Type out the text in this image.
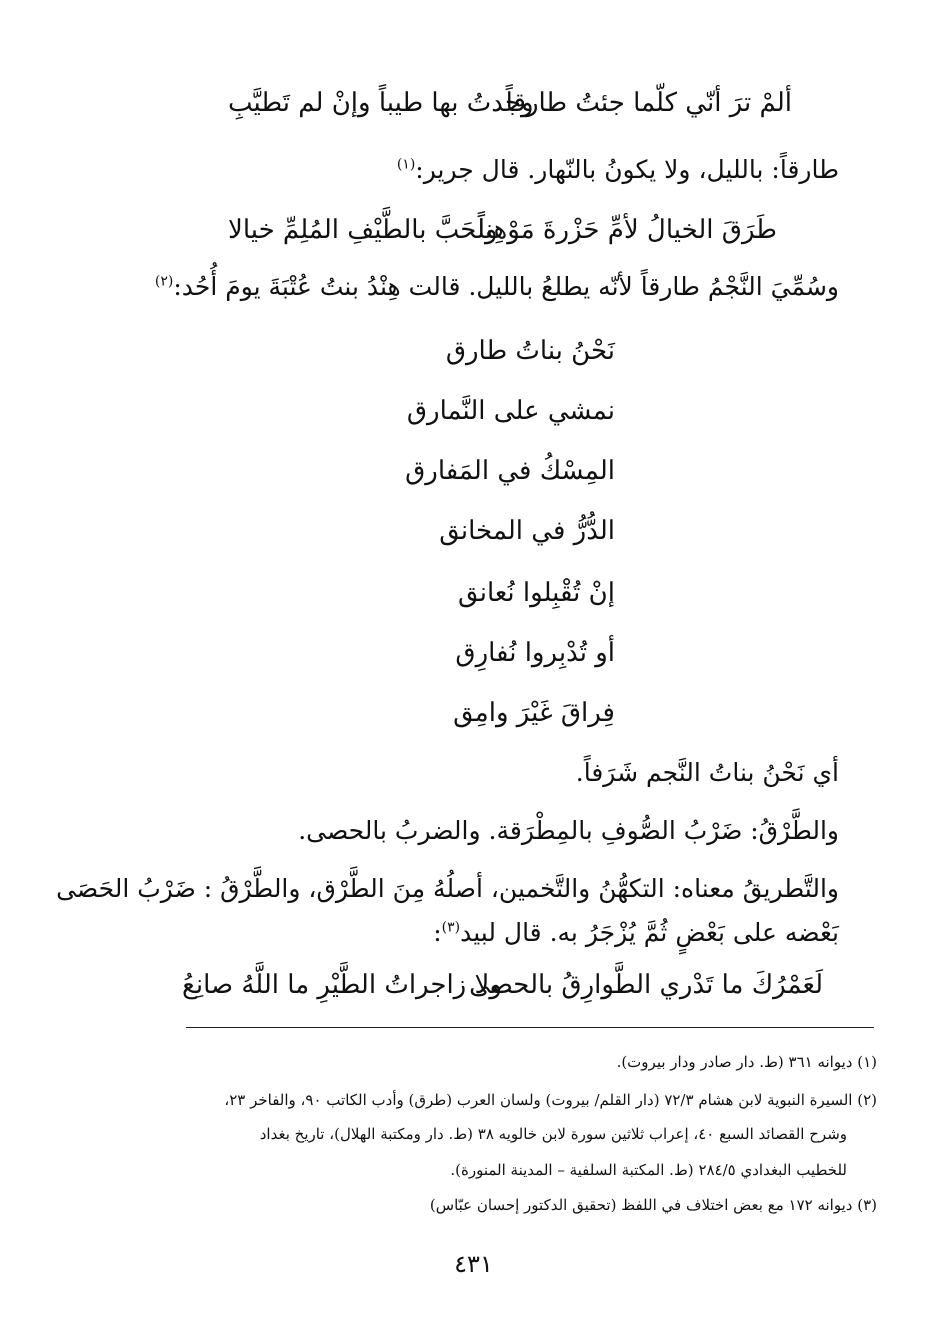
ألمْ ترَ أنّي كلّما جئتُ طارقاً
وجدتُ بها طيباً وإنْ لم تَطيَّبِ
طارقاً: بالليل، ولا يكونُ بالنّهار. قال جرير:$^{(١)}$
طَرَقَ الخيالُ لأمِّ حَزْرةَ مَوْهِناً
ولَحَبَّ بالطَّيْفِ المُلِمِّ خيالا
وسُمِّيَ النَّجْمُ طارقاً لأنّه يطلعُ بالليل. قالت هِنْدُ بنتُ عُتْبَةَ يومَ أُحُد:$^{(٢)}$
نَحْنُ بناتُ طارق
نمشي على النَّمارق
المِسْكُ في المَفارق
الدُّرُّ في المخانق
إنْ تُقْبِلوا نُعانق
أو تُدْبِروا نُفارِق
فِراقَ غَيْرَ وامِق
أي نَحْنُ بناتُ النَّجم شَرَفاً.
والطَّرْقُ: ضَرْبُ الصُّوفِ بالمِطْرَقة. والضربُ بالحصى.
والتَّطريقُ معناه: التكهُّنُ والتَّخمين، أصلُهُ مِنَ الطَّرْق، والطَّرْقُ : ضَرْبُ الحَصَى
بَعْضه على بَعْضٍ ثُمَّ يُزْجَرُ به. قال لبيد$^{(٣)}$:
لَعَمْرُكَ ما تَدْري الطَّوارِقُ بالحصى
ولا زاجراتُ الطَّيْرِ ما اللَّهُ صانِعُ
(١) ديوانه ٣٦١ (ط. دار صادر ودار بيروت).
(٢) السيرة النبوية لابن هشام ٧٢/٣ (دار القلم/ بيروت) ولسان العرب (طرق) وأدب الكاتب ٩٠، والفاخر ٢٣،
وشرح القصائد السبع ٤٠، إعراب ثلاثين سورة لابن خالويه ٣٨ (ط. دار ومكتبة الهلال)، تاريخ بغداد
للخطيب البغدادي ٢٨٤/٥ (ط. المكتبة السلفية – المدينة المنورة).
(٣) ديوانه ١٧٢ مع بعض اختلاف في اللفظ (تحقيق الدكتور إحسان عبّاس)
٤٣١
